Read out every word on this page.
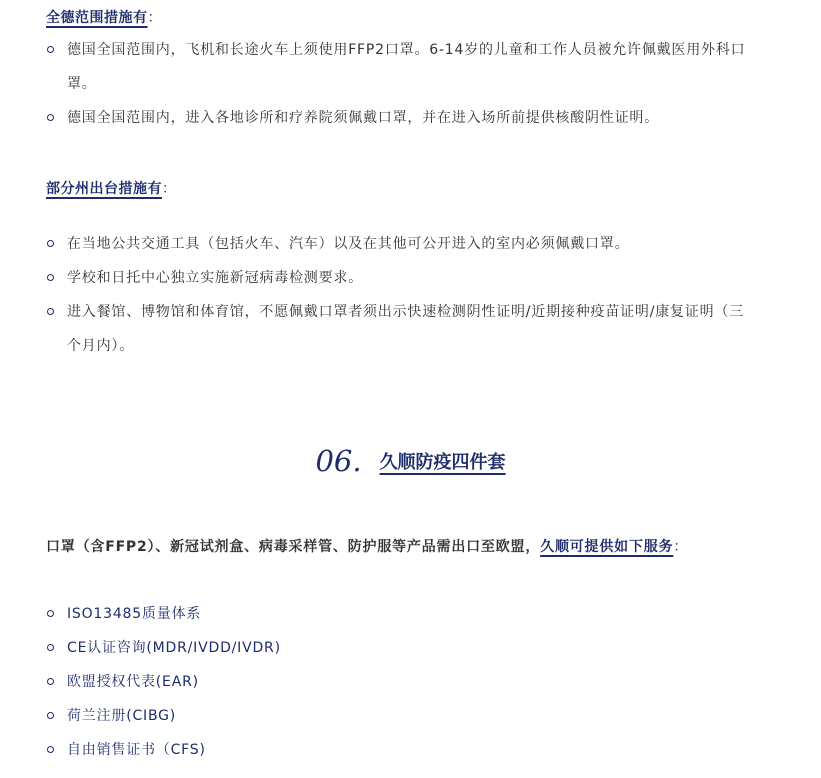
全德范围措施有：
德国全国范围内，飞机和长途火车上须使用FFP2口罩。6-14岁的儿童和工作人员被允许佩戴医用外科口罩。
德国全国范围内，进入各地诊所和疗养院须佩戴口罩，并在进入场所前提供核酸阴性证明。
部分州出台措施有：
在当地公共交通工具（包括火车、汽车）以及在其他可公开进入的室内必须佩戴口罩。
学校和日托中心独立实施新冠病毒检测要求。
进入餐馆、博物馆和体育馆，不愿佩戴口罩者须出示快速检测阴性证明/近期接种疫苗证明/康复证明（三个月内）。
06. 久顺防疫四件套
口罩（含FFP2）、新冠试剂盒、病毒采样管、防护服等产品需出口至欧盟，久顺可提供如下服务：
ISO13485质量体系
CE认证咨询(MDR/IVDD/IVDR)
欧盟授权代表(EAR)
荷兰注册(CIBG)
自由销售证书（CFS)
